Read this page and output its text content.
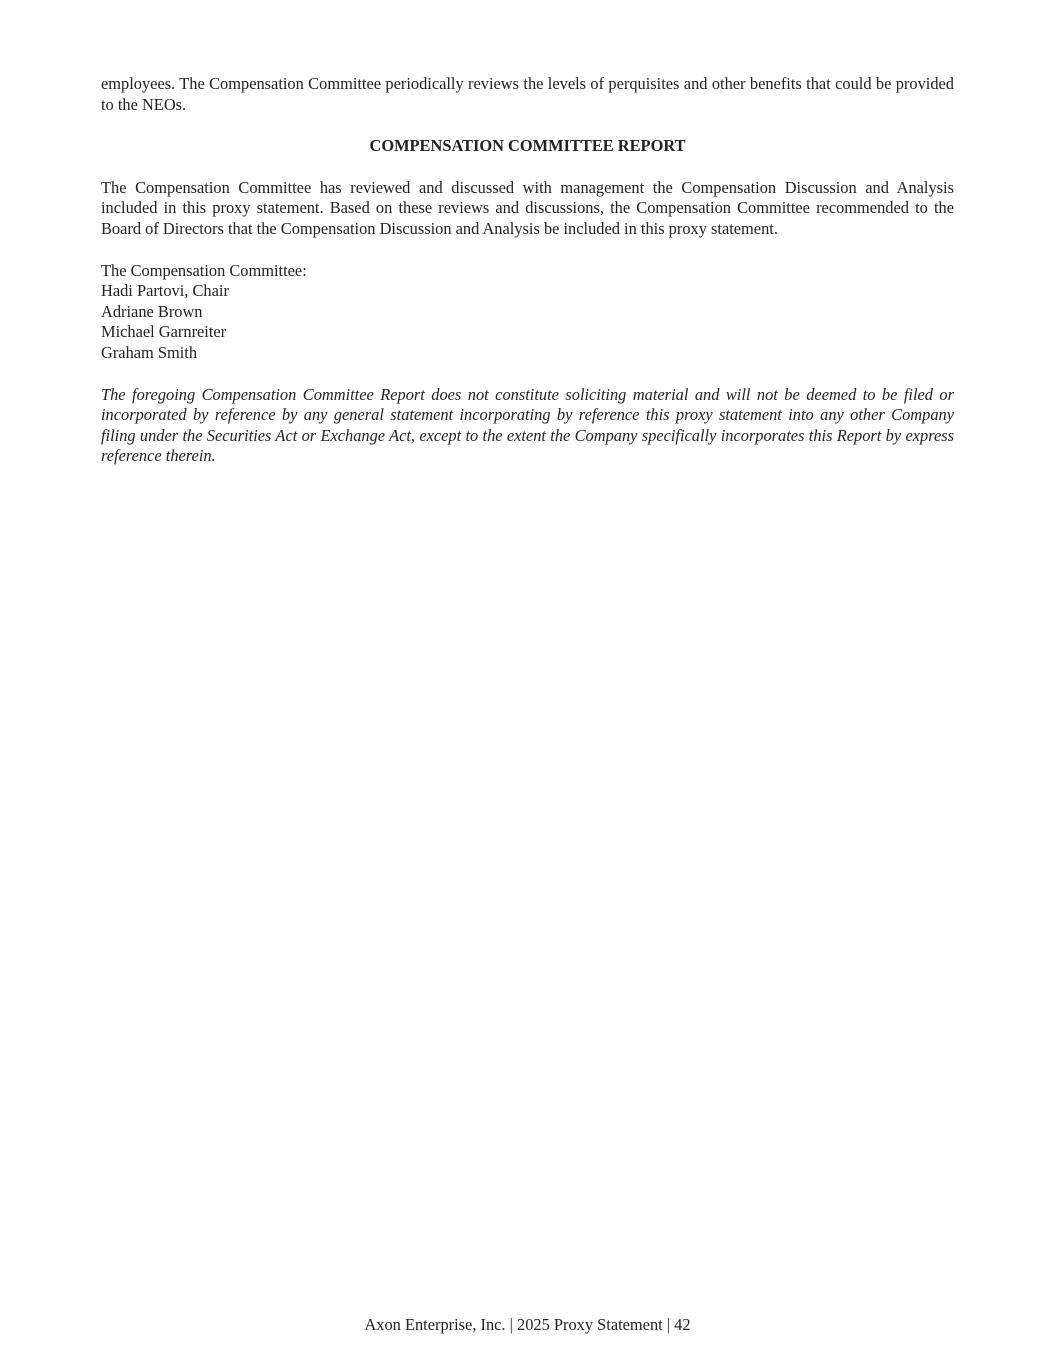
employees. The Compensation Committee periodically reviews the levels of perquisites and other benefits that could be provided to the NEOs.

COMPENSATION COMMITTEE REPORT

The Compensation Committee has reviewed and discussed with management the Compensation Discussion and Analysis included in this proxy statement. Based on these reviews and discussions, the Compensation Committee recommended to the Board of Directors that the Compensation Discussion and Analysis be included in this proxy statement.

The Compensation Committee:
Hadi Partovi, Chair
Adriane Brown
Michael Garnreiter
Graham Smith

The foregoing Compensation Committee Report does not constitute soliciting material and will not be deemed to be filed or incorporated by reference by any general statement incorporating by reference this proxy statement into any other Company filing under the Securities Act or Exchange Act, except to the extent the Company specifically incorporates this Report by express reference therein.

Axon Enterprise, Inc. | 2025 Proxy Statement | 42
